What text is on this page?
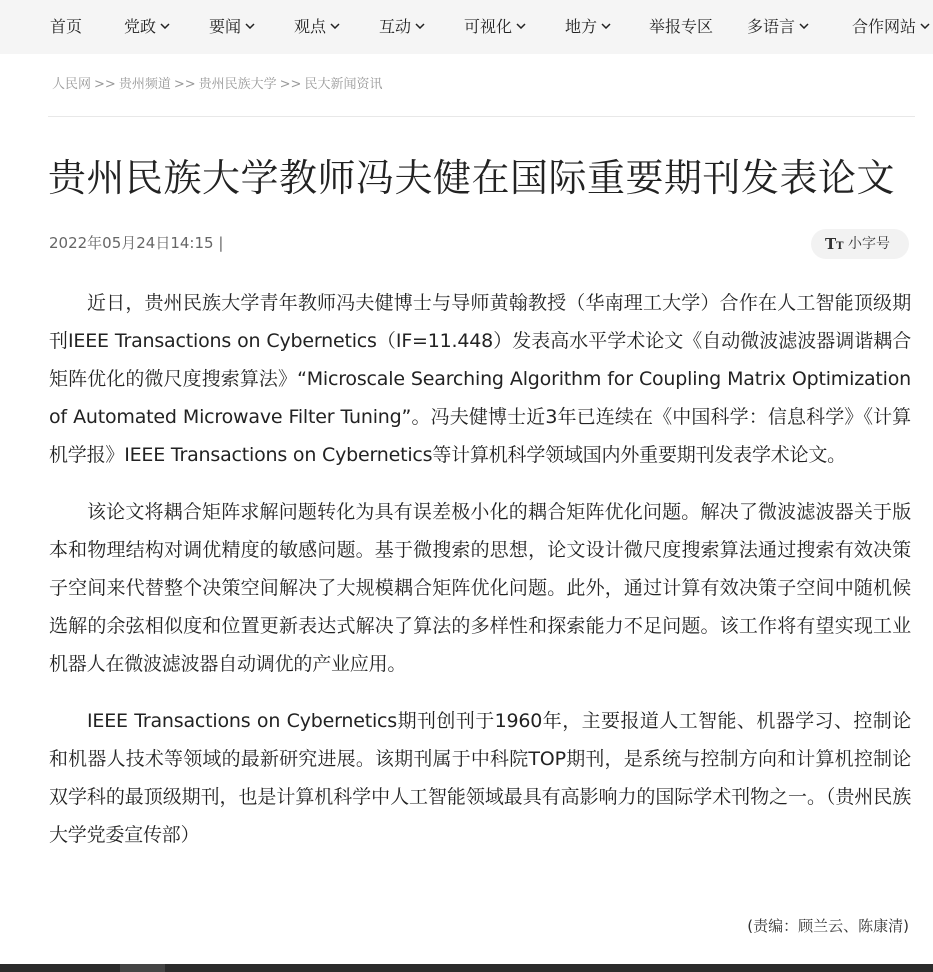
首页	党政	要闻	观点	互动	可视化	地方	举报专区 多语言	合作网站
人民网 >> 贵州频道 >> 贵州民族大学 >> 民大新闻资讯
贵州民族大学教师冯夫健在国际重要期刊发表论文
2022年05月24日14:15 |	TT 小字号

近日，贵州民族大学青年教师冯夫健博士与导师黄翰教授（华南理工大学）合作在人工智能顶级期刊IEEE Transactions on Cybernetics（IF=11.448）发表高水平学术论文《自动微波滤波器调谐耦合矩阵优化的微尺度搜索算法》“Microscale Searching Algorithm for Coupling Matrix Optimization of Automated Microwave Filter Tuning”。冯夫健博士近3年已连续在《中国科学：信息科学》《计算机学报》IEEE Transactions on Cybernetics等计算机科学领域国内外重要期刊发表学术论文。

该论文将耦合矩阵求解问题转化为具有误差极小化的耦合矩阵优化问题。解决了微波滤波器关于版本和物理结构对调优精度的敏感问题。基于微搜索的思想，论文设计微尺度搜索算法通过搜索有效决策子空间来代替整个决策空间解决了大规模耦合矩阵优化问题。此外，通过计算有效决策子空间中随机候选解的余弦相似度和位置更新表达式解决了算法的多样性和探索能力不足问题。该工作将有望实现工业机器人在微波滤波器自动调优的产业应用。

IEEE Transactions on Cybernetics期刊创刊于1960年，主要报道人工智能、机器学习、控制论和机器人技术等领域的最新研究进展。该期刊属于中科院TOP期刊，是系统与控制方向和计算机控制论双学科的最顶级期刊，也是计算机科学中人工智能领域最具有高影响力的国际学术刊物之一。（贵州民族大学党委宣传部）

(责编：顾兰云、陈康清)
